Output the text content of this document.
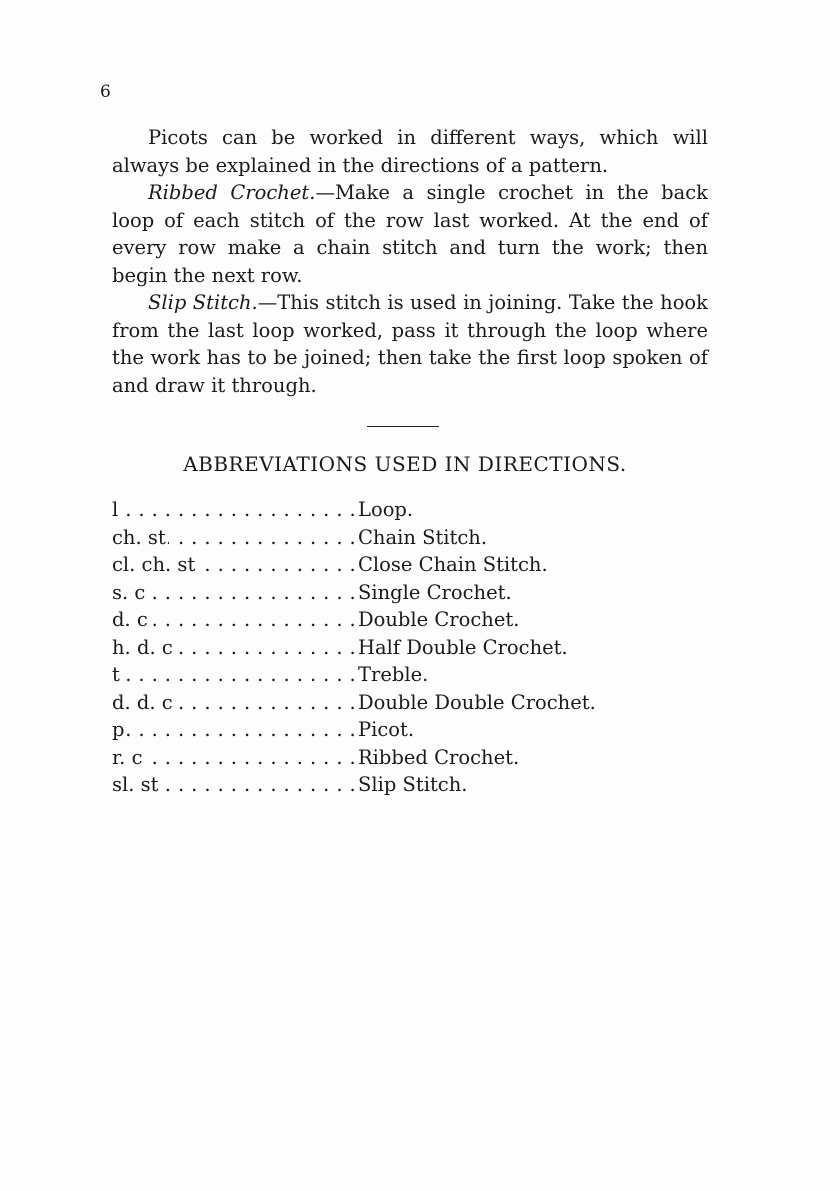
6

Picots can be worked in different ways, which will always be explained in the directions of a pattern.

Ribbed Crochet.—Make a single crochet in the back loop of each stitch of the row last worked. At the end of every row make a chain stitch and turn the work; then begin the next row.

Slip Stitch.—This stitch is used in joining. Take the hook from the last loop worked, pass it through the loop where the work has to be joined; then take the first loop spoken of and draw it through.

ABBREVIATIONS USED IN DIRECTIONS.
l . . .	Loop.
ch. st . . .	Chain Stitch.
cl. ch. st . . .	Close Chain Stitch.
s. c . . .	Single Crochet.
d. c . . .	Double Crochet.
h. d. c . . .	Half Double Crochet.
t . . .	Treble.
d. d. c . . .	Double Double Crochet.
p . . .	Picot.
r. c . . .	Ribbed Crochet.
sl. st . . .	Slip Stitch.
